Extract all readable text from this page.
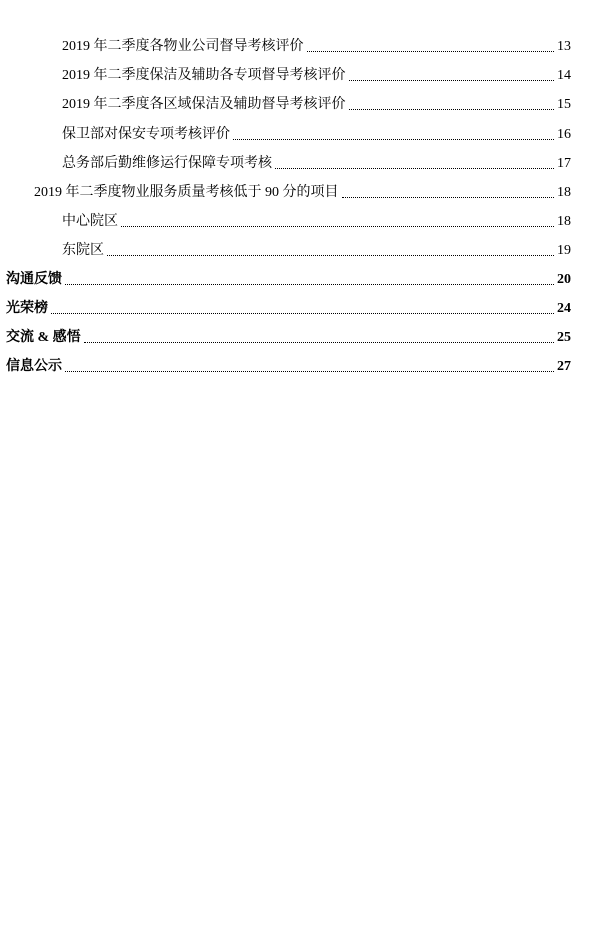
2019 年二季度各物业公司督导考核评价	13
2019 年二季度保洁及辅助各专项督导考核评价	14
2019 年二季度各区域保洁及辅助督导考核评价	15
保卫部对保安专项考核评价	16
总务部后勤维修运行保障专项考核	17
2019 年二季度物业服务质量考核低于 90 分的项目	18
中心院区	18
东院区	19
沟通反馈	20
光荣榜	24
交流 & 感悟	25
信息公示	27
